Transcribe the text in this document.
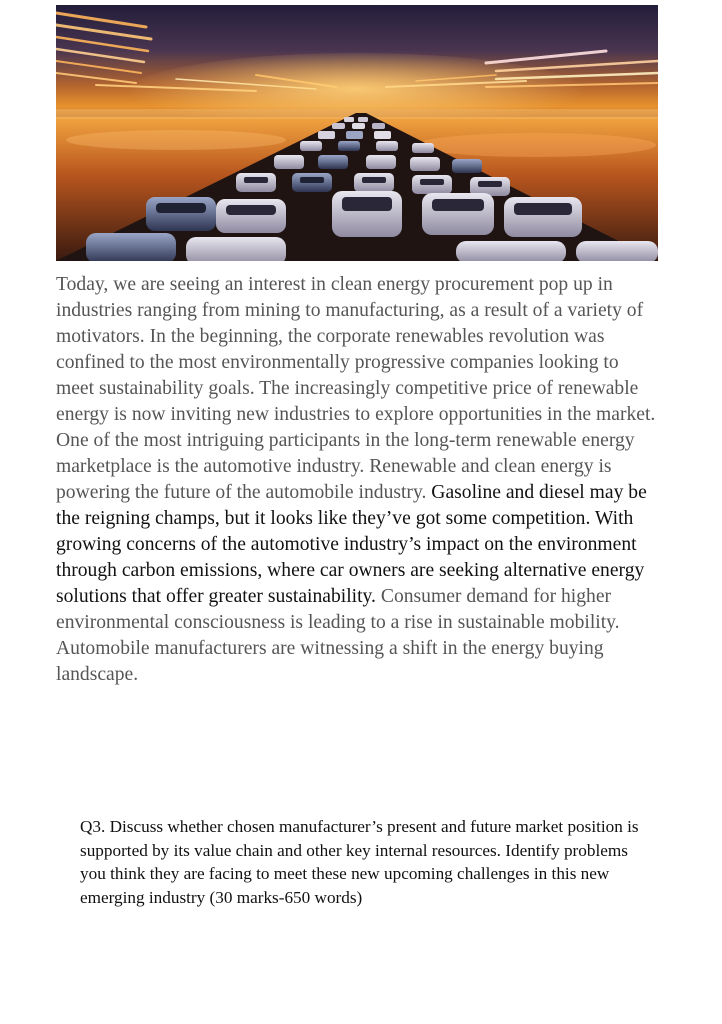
Today, we are seeing an interest in clean energy procurement pop up in industries ranging from mining to manufacturing, as a result of a variety of motivators. In the beginning, the corporate renewables revolution was confined to the most environmentally progressive companies looking to meet sustainability goals. The increasingly competitive price of renewable energy is now inviting new industries to explore opportunities in the market. One of the most intriguing participants in the long-term renewable energy marketplace is the automotive industry. Renewable and clean energy is powering the future of the automobile industry. Gasoline and diesel may be the reigning champs, but it looks like they’ve got some competition. With growing concerns of the automotive industry’s impact on the environment through carbon emissions, where car owners are seeking alternative energy solutions that offer greater sustainability. Consumer demand for higher environmental consciousness is leading to a rise in sustainable mobility. Automobile manufacturers are witnessing a shift in the energy buying landscape.

Q3. Discuss whether chosen manufacturer’s present and future market position is supported by its value chain and other key internal resources. Identify problems you think they are facing to meet these new upcoming challenges in this new emerging industry (30 marks-650 words)
